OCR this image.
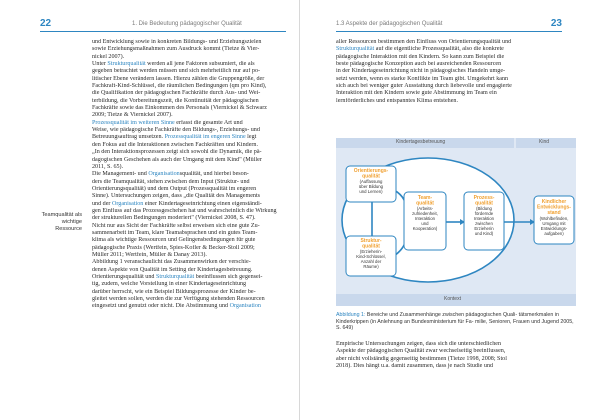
22	1. Die Bedeutung pädagogischer Qualität
Teamqualität als wichtige Ressource
und Entwicklung sowie in konkreten Bildungs- und Erziehungszielen
sowie Erziehungsmaßnahmen zum Ausdruck kommt (Tietze & Vier-
nickel 2007).
Unter Strukturqualität werden all jene Faktoren subsumiert, die als
gegeben betrachtet werden müssen und sich mehrheitlich nur auf po-
litischer Ebene verändern lassen. Hierzu zählen die Gruppengröße, der
Fachkraft-Kind-Schlüssel, die räumlichen Bedingungen (qm pro Kind),
die Qualifikation der pädagogischen Fachkräfte durch Aus- und Wei-
terbildung, die Vorbereitungszeit, die Kontinuität der pädagogischen
Fachkräfte sowie das Einkommen des Personals (Viernickel & Schwarz
2009; Tietze & Viernickel 2007).
Prozessqualität im weiteren Sinne erfasst die gesamte Art und
Weise, wie pädagogische Fachkräfte den Bildungs-, Erziehungs- und
Betreuungsauftrag umsetzen. Prozessqualität im engeren Sinne legt
den Fokus auf die Interaktionen zwischen Fachkräften und Kindern.
„In den Interaktionsprozessen zeigt sich sowohl die Dynamik, die pä-
dagogischen Geschehen als auch der Umgang mit dem Kind" (Müller
2011, S. 65).
Die Management- und Organisationsqualität, und hierbei beson-
ders die Teamqualität, stehen zwischen dem Input (Struktur- und
Orientierungsqualität) und dem Output (Prozessqualität im engeren
Sinne). Untersuchungen zeigen, dass „die Qualität des Managements
und der Organisation einer Kindertageseinrichtung einen eigenständi-
gen Einfluss auf das Prozessgeschehen hat und wahrscheinlich die Wirkung
der strukturellen Bedingungen moderiert" (Viernickel 2008, S. 47).
Nicht nur aus Sicht der Fachkräfte selbst erweisen sich eine gute Zu-
sammenarbeit im Team, klare Teamabsprachen und ein gutes Team-
klima als wichtige Ressourcen und Gelingensbedingungen für gute
pädagogische Praxis (Wertfein, Spies-Kofler & Becker-Stoll 2009;
Müller 2011; Wertfein, Müller & Danay 2013).
Abbildung 1 veranschaulicht das Zusammenwirken der verschie-
denen Aspekte von Qualität im Setting der Kindertagesbetreuung.
Orientierungsqualität und Strukturqualität beeinflussen sich gegensei-
tig, zudem, welche Vorstellung in einer Kindertageseinrichtung
darüber herrscht, wie ein Beispiel Bildungsprozesse der Kinder be-
gleitet werden sollen, werden die zur Verfügung stehenden Ressourcen
eingesetzt und genutzt oder nicht. Die Abstimmung und Organisation
1.3 Aspekte der pädagogischen Qualität	23
aller Ressourcen bestimmen den Einfluss von Orientierungsqualität und
Strukturqualität auf die eigentliche Prozessqualität, also die konkrete
pädagogische Interaktion mit den Kindern. So kann zum Beispiel die
beste pädagogische Konzeption auch bei ausreichenden Ressourcen
in der Kindertageseinrichtung nicht in pädagogisches Handeln umge-
setzt werden, wenn es starke Konflikte im Team gibt. Umgekehrt kann
sich auch bei weniger guter Ausstattung durch liebevolle und engagierte
Interaktion mit den Kindern sowie gute Abstimmung im Team ein
lernförderliches und entspanntes Klima entstehen.
Empirische Untersuchungen zeigen, dass sich die unterschiedlichen
Aspekte der pädagogischen Qualität zwar wechselseitig beeinflussen,
aber nicht vollständig gegenseitig bestimmen (Tietze 1998, 2008; Stol
2018). Dies hängt u.a. damit zusammen, dass je nach Studie und
Orientierungs-
qualität
(Auffassung
über Bildung
und Lernen)
Struktur-
qualität
(Erzieherin-
Kind-Schlüssel,
Anzahl der
Räume)
Team-
qualität
(Arbeits-
zufriedenheit,
Interaktion
und
Kooperation)
Prozess-
qualität
(Bildung
fördernde
Interaktion
zwischen
Erzieherin
und Kind)
Kindlicher
Entwicklungs-
stand
(Wohlbefinden,
Umgang mit
Entwicklungs-
aufgaben)
Kindertagesbetreuung	Kind
Kontext
Abbildung 1: Bereiche und Zusammenhänge zwischen pädagogischen Quali- tätsmerkmalen in Kinderkrippen (in Anlehnung an Bundesministerium für Fa- milie, Senioren, Frauen und Jugend 2005, S. 649)
